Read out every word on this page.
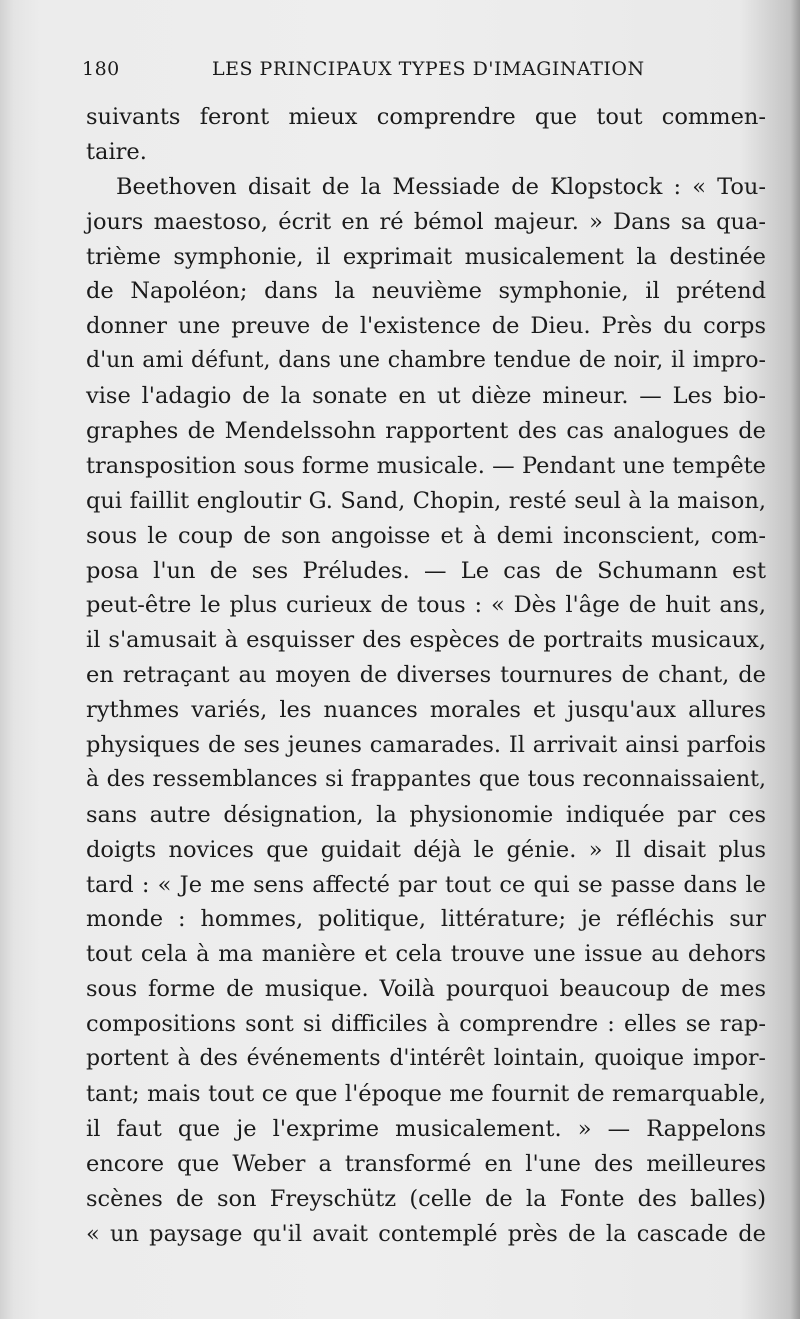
180	LES PRINCIPAUX TYPES D'IMAGINATION
suivants feront mieux comprendre que tout commen-
taire.
Beethoven disait de la Messiade de Klopstock : « Tou-
jours maestoso, écrit en ré bémol majeur. » Dans sa qua-
trième symphonie, il exprimait musicalement la destinée
de Napoléon; dans la neuvième symphonie, il prétend
donner une preuve de l'existence de Dieu. Près du corps
d'un ami défunt, dans une chambre tendue de noir, il impro-
vise l'adagio de la sonate en ut dièze mineur. — Les bio-
graphes de Mendelssohn rapportent des cas analogues de
transposition sous forme musicale. — Pendant une tempête
qui faillit engloutir G. Sand, Chopin, resté seul à la maison,
sous le coup de son angoisse et à demi inconscient, com-
posa l'un de ses Préludes. — Le cas de Schumann est
peut-être le plus curieux de tous : « Dès l'âge de huit ans,
il s'amusait à esquisser des espèces de portraits musicaux,
en retraçant au moyen de diverses tournures de chant, de
rythmes variés, les nuances morales et jusqu'aux allures
physiques de ses jeunes camarades. Il arrivait ainsi parfois
à des ressemblances si frappantes que tous reconnaissaient,
sans autre désignation, la physionomie indiquée par ces
doigts novices que guidait déjà le génie. » Il disait plus
tard : « Je me sens affecté par tout ce qui se passe dans le
monde : hommes, politique, littérature; je réfléchis sur
tout cela à ma manière et cela trouve une issue au dehors
sous forme de musique. Voilà pourquoi beaucoup de mes
compositions sont si difficiles à comprendre : elles se rap-
portent à des événements d'intérêt lointain, quoique impor-
tant; mais tout ce que l'époque me fournit de remarquable,
il faut que je l'exprime musicalement. » — Rappelons
encore que Weber a transformé en l'une des meilleures
scènes de son Freyschütz (celle de la Fonte des balles)
« un paysage qu'il avait contemplé près de la cascade de
